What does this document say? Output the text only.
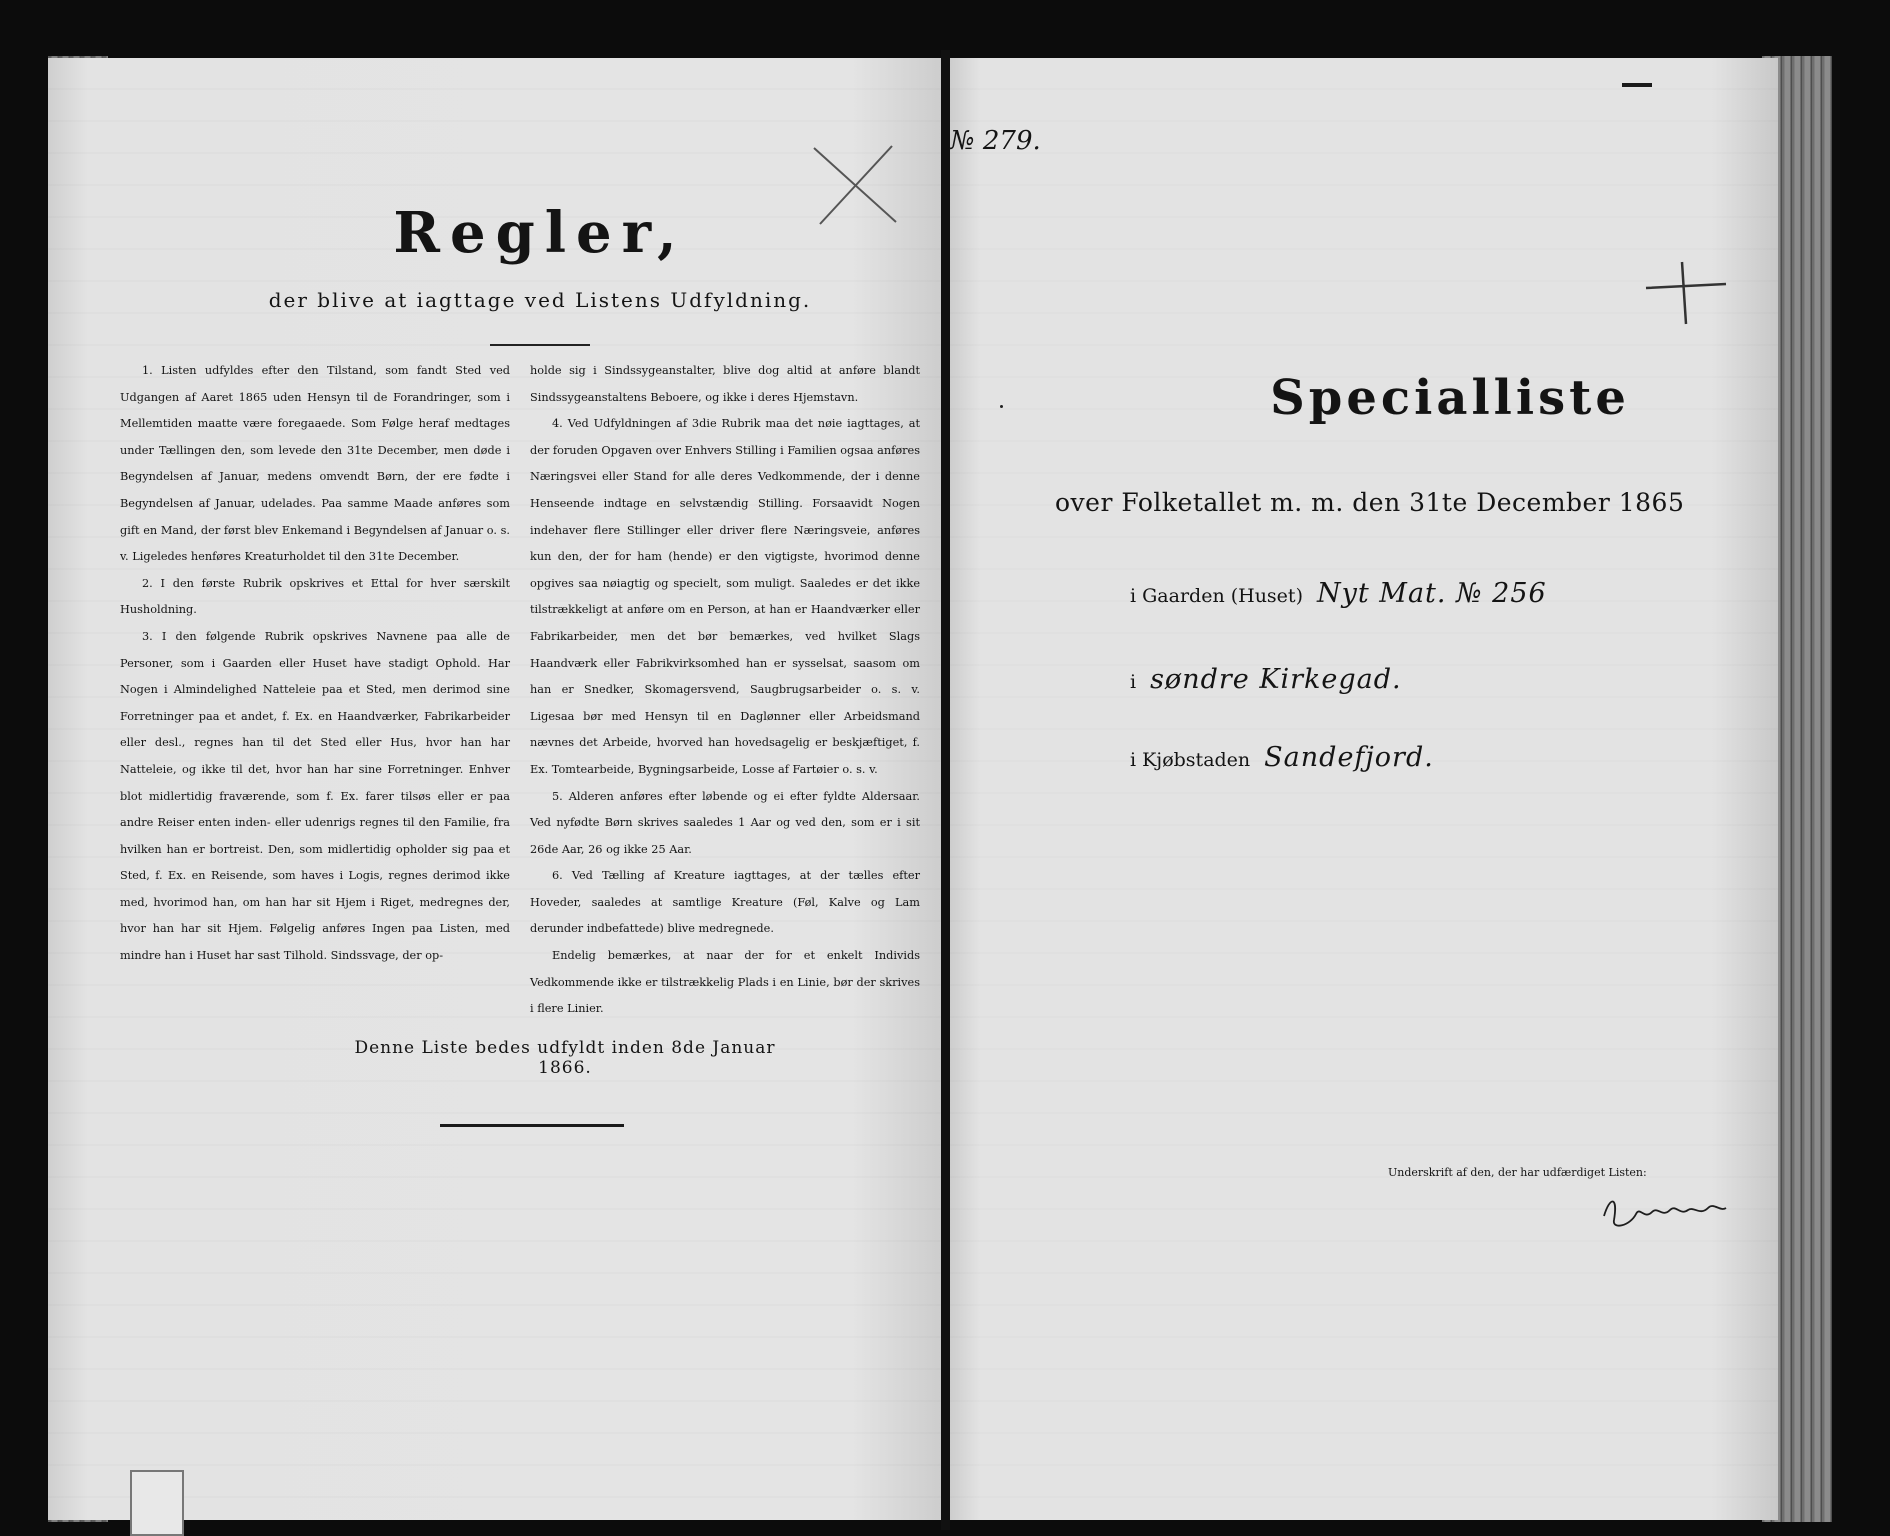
Regler,
der blive at iagttage ved Listens Udfyldning.

1. Listen udfyldes efter den Tilstand, som fandt Sted ved Udgangen af Aaret 1865 uden Hensyn til de Forandringer, som i Mellemtiden maatte være foregaaede. Som Følge heraf medtages under Tællingen den, som levede den 31te December, men døde i Begyndelsen af Januar, medens omvendt Børn, der ere fødte i Begyndelsen af Januar, udelades. Paa samme Maade anføres som gift en Mand, der først blev Enkemand i Begyndelsen af Januar o. s. v. Ligeledes henføres Kreaturholdet til den 31te December.

2. I den første Rubrik opskrives et Ettal for hver særskilt Husholdning.

3. I den følgende Rubrik opskrives Navnene paa alle de Personer, som i Gaarden eller Huset have stadigt Ophold. Har Nogen i Almindelighed Natteleie paa et Sted, men derimod sine Forretninger paa et andet, f. Ex. en Haandværker, Fabrikarbeider eller desl., regnes han til det Sted eller Hus, hvor han har Natteleie, og ikke til det, hvor han har sine Forretninger. Enhver blot midlertidig fraværende, som f. Ex. farer tilsøs eller er paa andre Reiser enten inden- eller udenrigs regnes til den Familie, fra hvilken han er bortreist. Den, som midlertidig opholder sig paa et Sted, f. Ex. en Reisende, som haves i Logis, regnes derimod ikke med, hvorimod han, om han har sit Hjem i Riget, medregnes der, hvor han har sit Hjem. Følgelig anføres Ingen paa Listen, med mindre han i Huset har sast Tilhold. Sindssvage, der op-

holde sig i Sindssygeanstalter, blive dog altid at anføre blandt Sindssygeanstaltens Beboere, og ikke i deres Hjemstavn.

4. Ved Udfyldningen af 3die Rubrik maa det nøie iagttages, at der foruden Opgaven over Enhvers Stilling i Familien ogsaa anføres Næringsvei eller Stand for alle deres Vedkommende, der i denne Henseende indtage en selvstændig Stilling. Forsaavidt Nogen indehaver flere Stillinger eller driver flere Næringsveie, anføres kun den, der for ham (hende) er den vigtigste, hvorimod denne opgives saa nøiagtig og specielt, som muligt. Saaledes er det ikke tilstrækkeligt at anføre om en Person, at han er Haandværker eller Fabrikarbeider, men det bør bemærkes, ved hvilket Slags Haandværk eller Fabrikvirksomhed han er sysselsat, saasom om han er Snedker, Skomagersvend, Saugbrugsarbeider o. s. v. Ligesaa bør med Hensyn til en Daglønner eller Arbeidsmand nævnes det Arbeide, hvorved han hovedsagelig er beskjæftiget, f. Ex. Tomtearbeide, Bygningsarbeide, Losse af Fartøier o. s. v.

5. Alderen anføres efter løbende og ei efter fyldte Aldersaar. Ved nyfødte Børn skrives saaledes 1 Aar og ved den, som er i sit 26de Aar, 26 og ikke 25 Aar.

6. Ved Tælling af Kreature iagttages, at der tælles efter Hoveder, saaledes at samtlige Kreature (Føl, Kalve og Lam derunder indbefattede) blive medregnede.

Endelig bemærkes, at naar der for et enkelt Individs Vedkommende ikke er tilstrækkelig Plads i en Linie, bør der skrives i flere Linier.

Denne Liste bedes udfyldt inden 8de Januar 1866.
№ 279.
Specialliste
over Folketallet m. m. den 31te December 1865
i Gaarden (Huset) Nyt Mat. № 256
i søndre Kirkegad.
i Kjøbstaden Sandefjord.
Underskrift af den, der har udfærdiget Listen:
